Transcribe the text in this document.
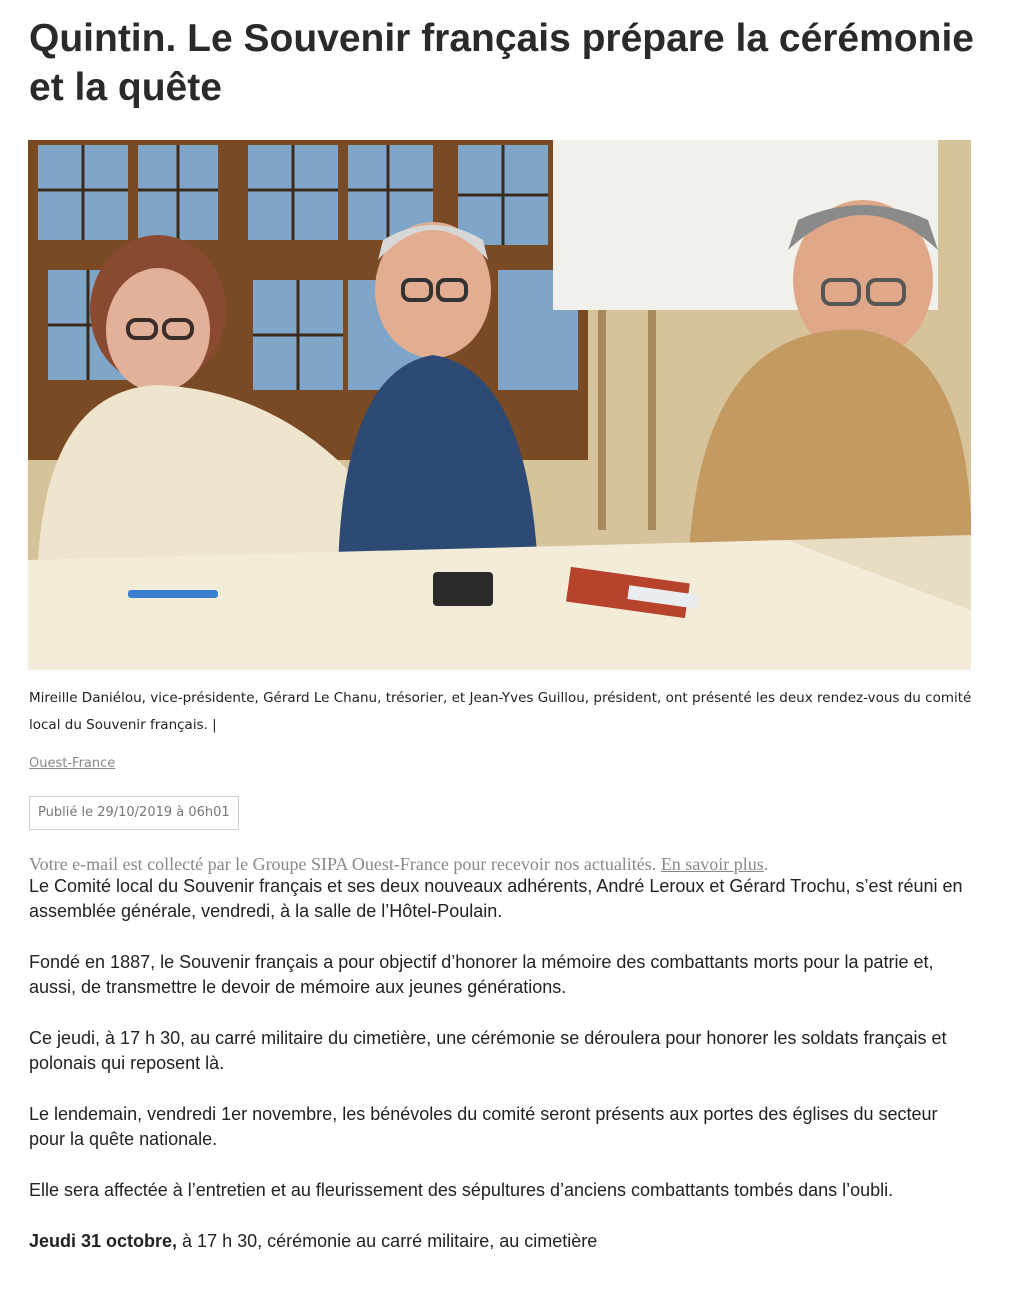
Quintin. Le Souvenir français prépare la cérémonie et la quête
Mireille Daniélou, vice-présidente, Gérard Le Chanu, trésorier, et Jean-Yves Guillou, président, ont présenté les deux rendez-vous du comité local du Souvenir français. |
Ouest-France
Publié le 29/10/2019 à 06h01
Votre e-mail est collecté par le Groupe SIPA Ouest-France pour recevoir nos actualités. En savoir plus.

Le Comité local du Souvenir français et ses deux nouveaux adhérents, André Leroux et Gérard Trochu, s’est réuni en assemblée générale, vendredi, à la salle de l’Hôtel-Poulain.

Fondé en 1887, le Souvenir français a pour objectif d’honorer la mémoire des combattants morts pour la patrie et, aussi, de transmettre le devoir de mémoire aux jeunes générations.

Ce jeudi, à 17 h 30, au carré militaire du cimetière, une cérémonie se déroulera pour honorer les soldats français et polonais qui reposent là.

Le lendemain, vendredi 1er novembre, les bénévoles du comité seront présents aux portes des églises du secteur pour la quête nationale.

Elle sera affectée à l’entretien et au fleurissement des sépultures d’anciens combattants tombés dans l’oubli.

Jeudi 31 octobre, à 17 h 30, cérémonie au carré militaire, au cimetière
